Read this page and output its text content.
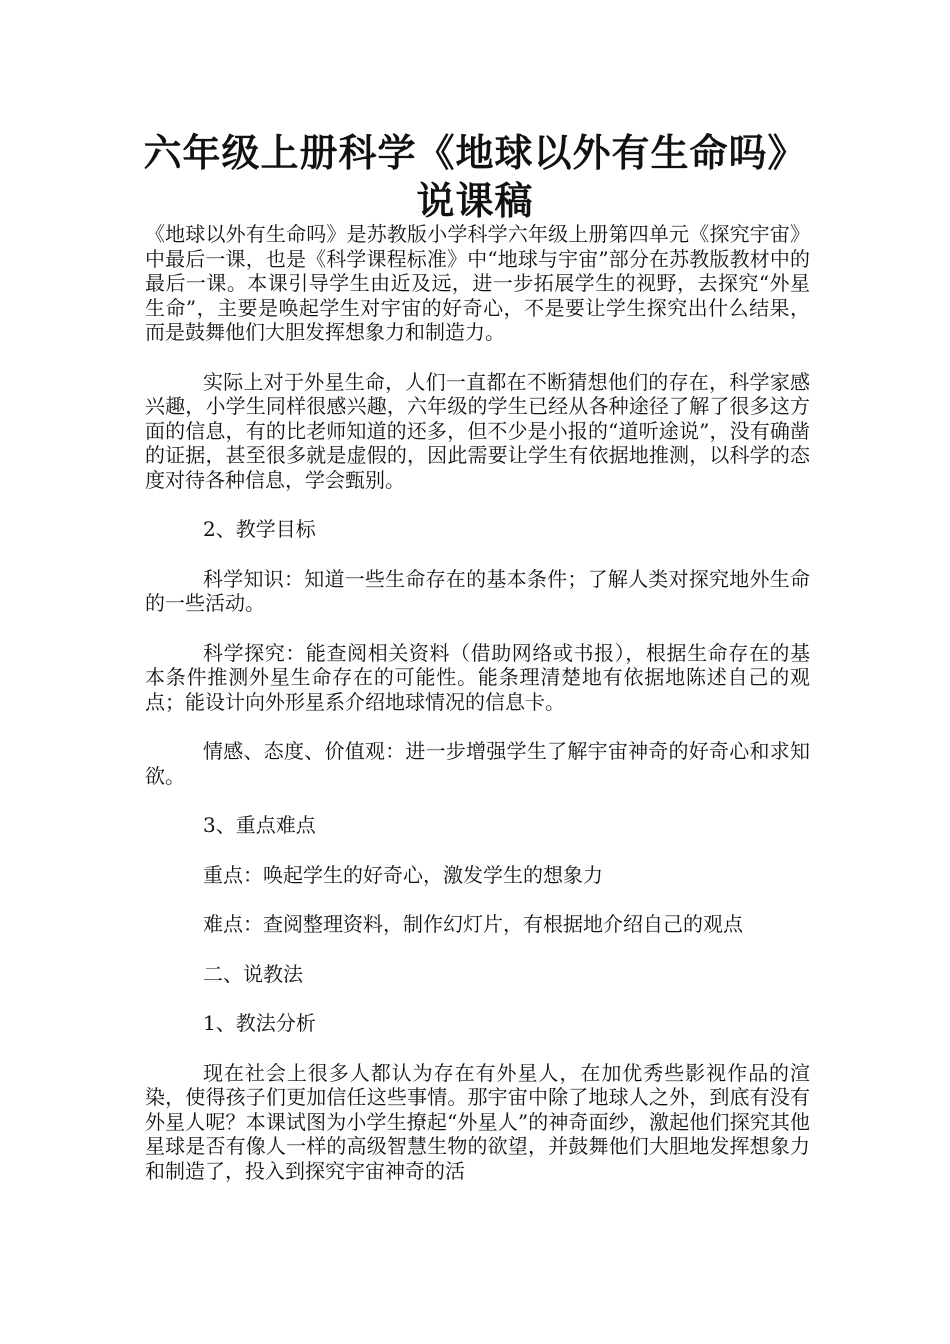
六年级上册科学《地球以外有生命吗》
说课稿

《地球以外有生命吗》是苏教版小学科学六年级上册第四单元《探究宇宙》中最后一课，也是《科学课程标准》中“地球与宇宙”部分在苏教版教材中的最后一课。本课引导学生由近及远，进一步拓展学生的视野，去探究“外星生命”，主要是唤起学生对宇宙的好奇心，不是要让学生探究出什么结果，而是鼓舞他们大胆发挥想象力和制造力。

实际上对于外星生命，人们一直都在不断猜想他们的存在，科学家感兴趣，小学生同样很感兴趣，六年级的学生已经从各种途径了解了很多这方面的信息，有的比老师知道的还多，但不少是小报的“道听途说”，没有确凿的证据，甚至很多就是虚假的，因此需要让学生有依据地推测，以科学的态度对待各种信息，学会甄别。

2、教学目标

科学知识：知道一些生命存在的基本条件；了解人类对探究地外生命的一些活动。

科学探究：能查阅相关资料（借助网络或书报），根据生命存在的基本条件推测外星生命存在的可能性。能条理清楚地有依据地陈述自己的观点；能设计向外形星系介绍地球情况的信息卡。

情感、态度、价值观：进一步增强学生了解宇宙神奇的好奇心和求知欲。

3、重点难点

重点：唤起学生的好奇心，激发学生的想象力

难点：查阅整理资料，制作幻灯片，有根据地介绍自己的观点

二、说教法

1、教法分析

现在社会上很多人都认为存在有外星人，在加优秀些影视作品的渲染，使得孩子们更加信任这些事情。那宇宙中除了地球人之外，到底有没有外星人呢？本课试图为小学生撩起“外星人”的神奇面纱，激起他们探究其他星球是否有像人一样的高级智慧生物的欲望，并鼓舞他们大胆地发挥想象力和制造了，投入到探究宇宙神奇的活
